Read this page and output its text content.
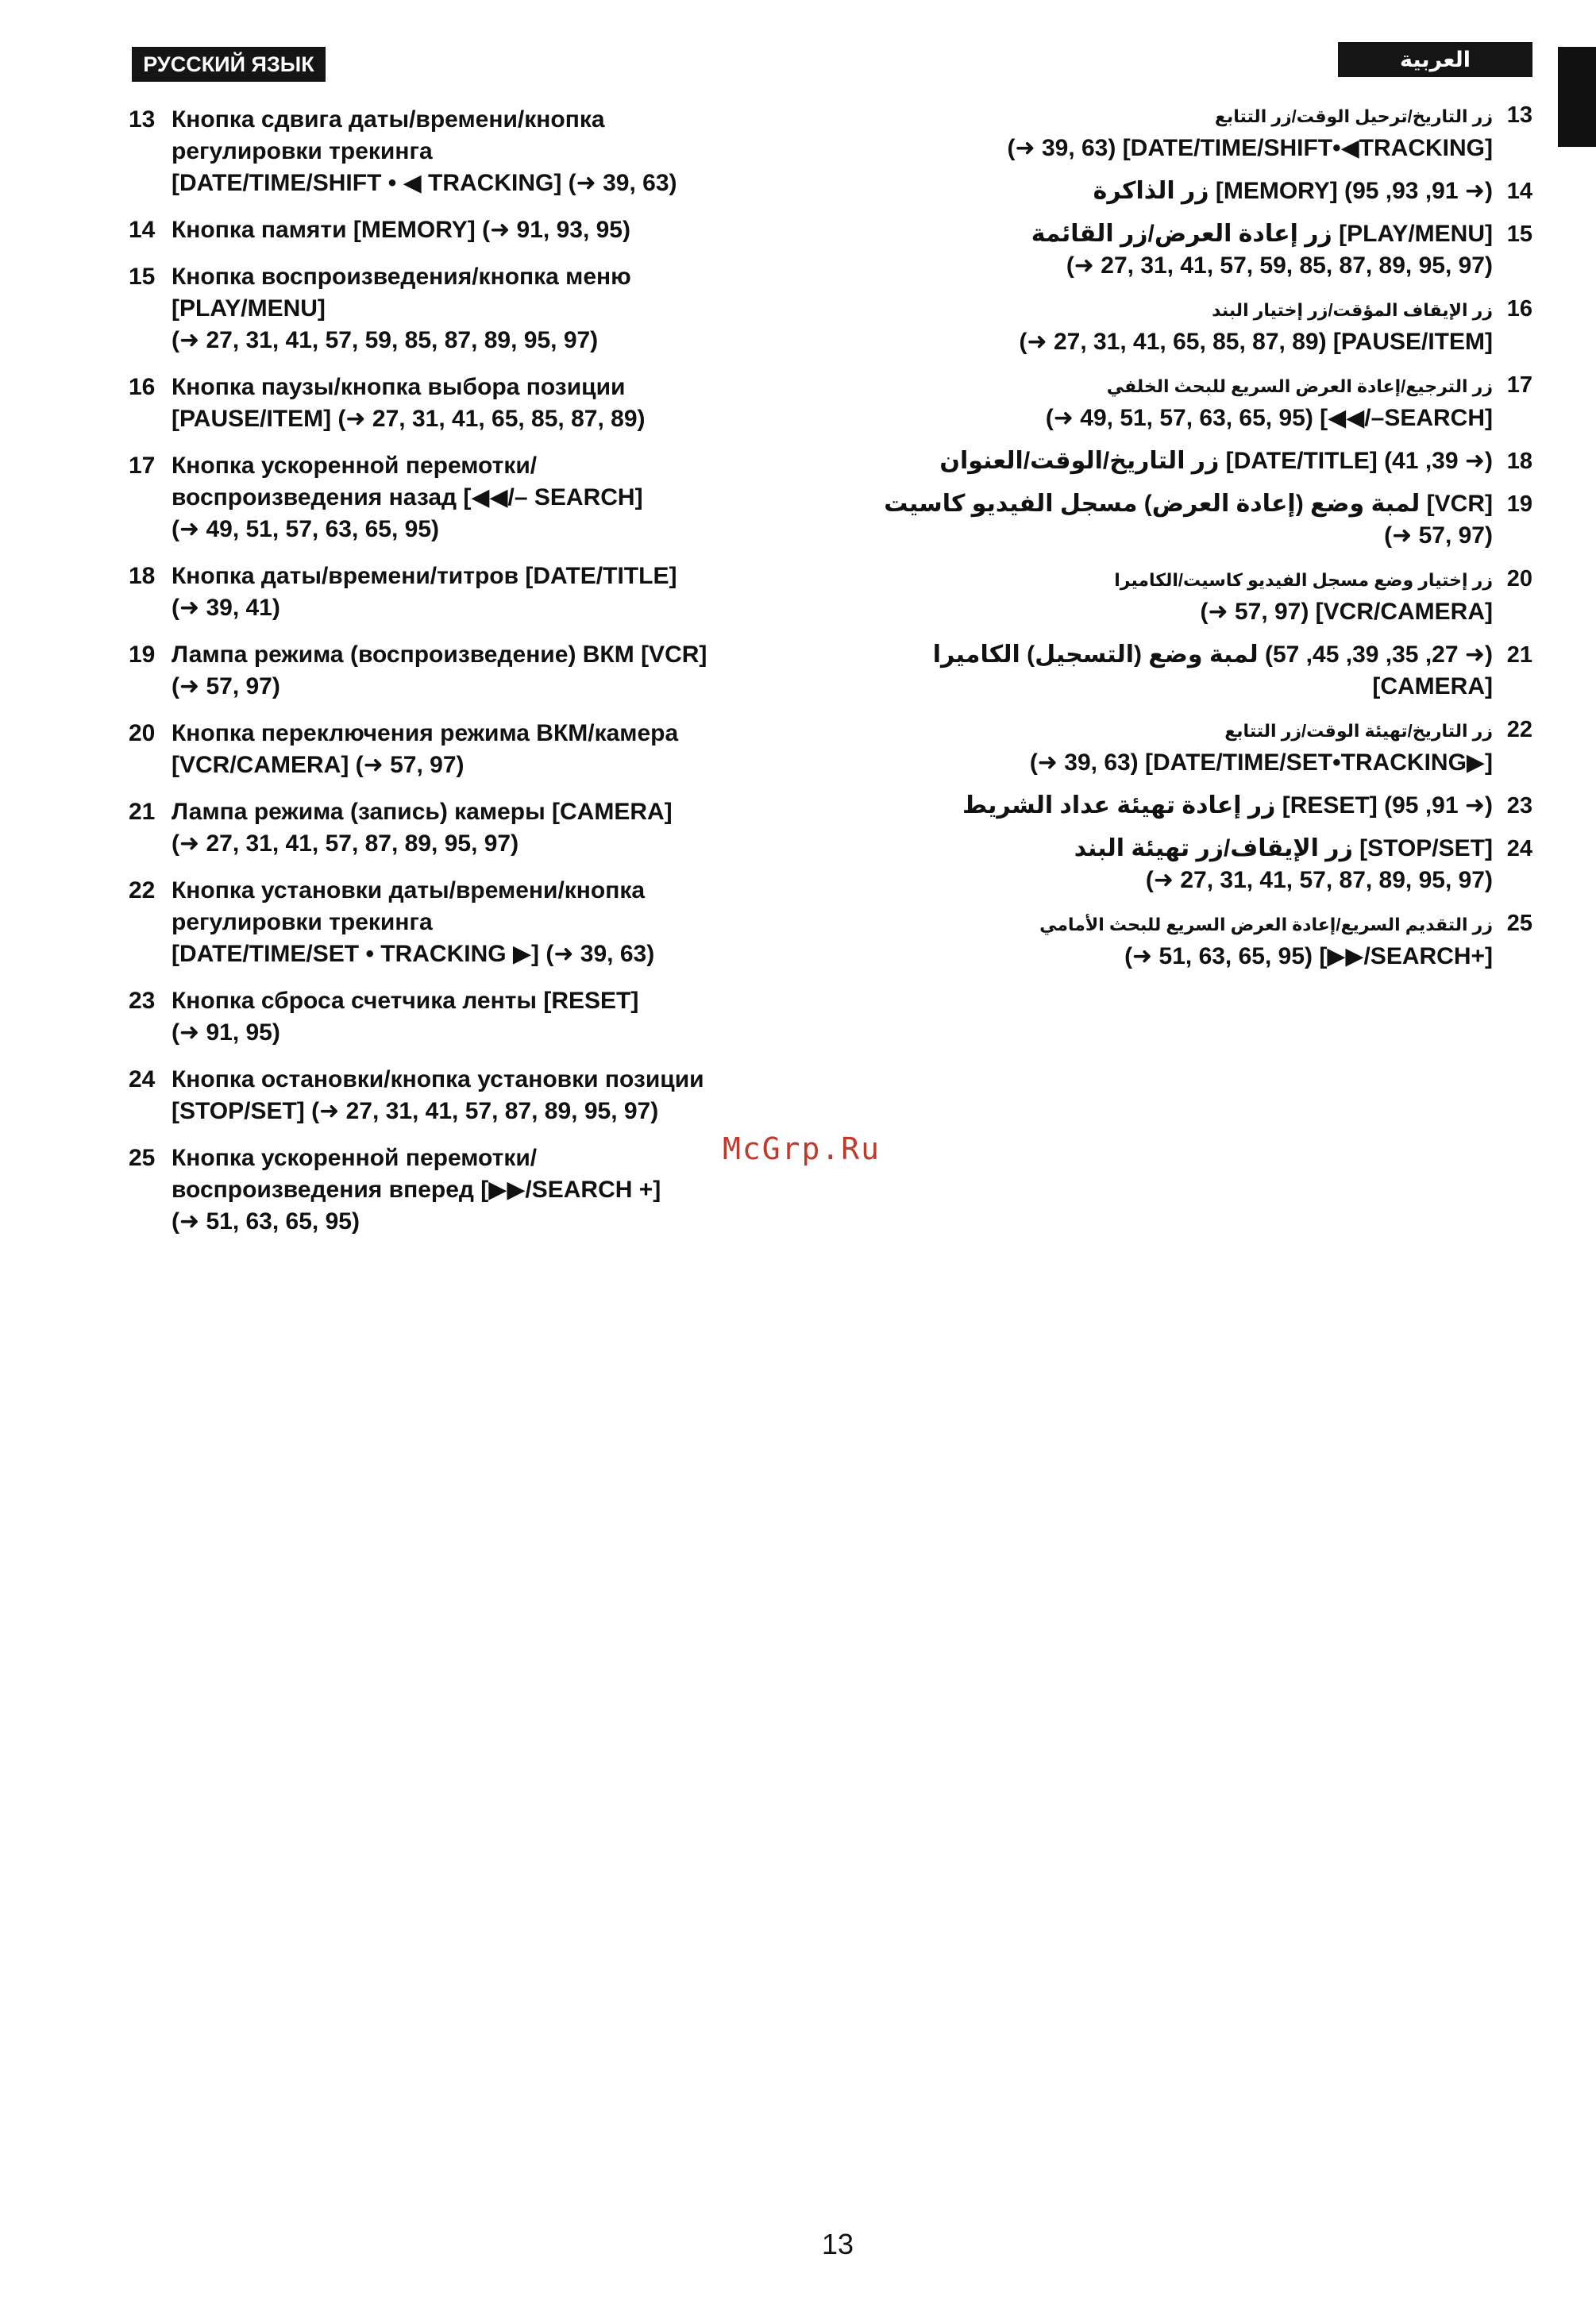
РУССКИЙ ЯЗЫК	العربية
13 Кнопка сдвига даты/времени/кнопка
регулировки трекинга
[DATE/TIME/SHIFT • ◀ TRACKING] (➜ 39, 63)
14 Кнопка памяти [MEMORY] (➜ 91, 93, 95)
15 Кнопка воспроизведения/кнопка меню
[PLAY/MENU]
(➜ 27, 31, 41, 57, 59, 85, 87, 89, 95, 97)
16 Кнопка паузы/кнопка выбора позиции
[PAUSE/ITEM] (➜ 27, 31, 41, 65, 85, 87, 89)
17 Кнопка ускоренной перемотки/
воспроизведения назад [◀◀/– SEARCH]
(➜ 49, 51, 57, 63, 65, 95)
18 Кнопка даты/времени/титров [DATE/TITLE]
(➜ 39, 41)
19 Лампа режима (воспроизведение) ВКМ [VCR]
(➜ 57, 97)
20 Кнопка переключения режима ВКМ/камера
[VCR/CAMERA] (➜ 57, 97)
21 Лампа режима (запись) камеры [CAMERA]
(➜ 27, 31, 41, 57, 87, 89, 95, 97)
22 Кнопка установки даты/времени/кнопка
регулировки трекинга
[DATE/TIME/SET • TRACKING ▶] (➜ 39, 63)
23 Кнопка сброса счетчика ленты [RESET]
(➜ 91, 95)
24 Кнопка остановки/кнопка установки позиции
[STOP/SET] (➜ 27, 31, 41, 57, 87, 89, 95, 97)
25 Кнопка ускоренной перемотки/
воспроизведения вперед [▶▶/SEARCH +]
(➜ 51, 63, 65, 95)
زر التاريخ/ترحيل الوقت/زر التتابع 13
(➜ 39, 63) [DATE/TIME/SHIFT•◀TRACKING]
(➜ 91, 93, 95) [MEMORY] زر الذاكرة 14
[PLAY/MENU] زر إعادة العرض/زر القائمة 15
(➜ 27, 31, 41, 57, 59, 85, 87, 89, 95, 97)
زر الإيقاف المؤقت/زر إختيار البند 16
(➜ 27, 31, 41, 65, 85, 87, 89) [PAUSE/ITEM]
زر الترجيع/إعادة العرض السريع للبحث الخلفي 17
(➜ 49, 51, 57, 63, 65, 95) [◀◀/–SEARCH]
(➜ 39, 41) [DATE/TITLE] زر التاريخ/الوقت/العنوان 18
[VCR] لمبة وضع (إعادة العرض) مسجل الفيديو كاسيت 19
(➜ 57, 97)
زر إختيار وضع مسجل الفيديو كاسيت/الكاميرا 20
(➜ 57, 97) [VCR/CAMERA]
(➜ 27, 35, 39, 45, 57) لمبة وضع (التسجيل) الكاميرا 21
[CAMERA]
زر التاريخ/تهيئة الوقت/زر التتابع 22
(➜ 39, 63) [DATE/TIME/SET•TRACKING▶]
(➜ 91, 95) [RESET] زر إعادة تهيئة عداد الشريط 23
[STOP/SET] زر الإيقاف/زر تهيئة البند 24
(➜ 27, 31, 41, 57, 87, 89, 95, 97)
زر التقديم السريع/إعادة العرض السريع للبحث الأمامي 25
(➜ 51, 63, 65, 95) [▶▶/SEARCH+]
McGrp.Ru
13
